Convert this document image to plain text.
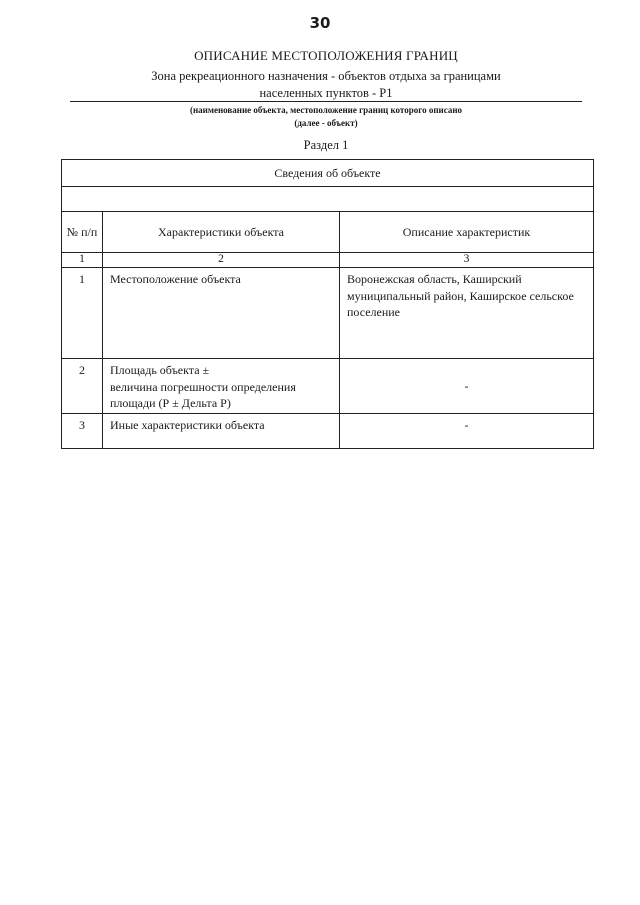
30
ОПИСАНИЕ МЕСТОПОЛОЖЕНИЯ ГРАНИЦ
Зона рекреационного назначения - объектов отдыха за границами
населенных пунктов - Р1
(наименование объекта, местоположение границ которого описано
(далее - объект)
Раздел 1
Сведения об объекте		

№ п/п	Характеристики объекта	Описание характеристик
1	2	3
1	Местоположение объекта	Воронежская область, Каширский муниципальный район, Каширское сельское поселение
2	Площадь объекта ±
величина погрешности определения
площади (Р ± Дельта Р)	-
3	Иные характеристики объекта	-
